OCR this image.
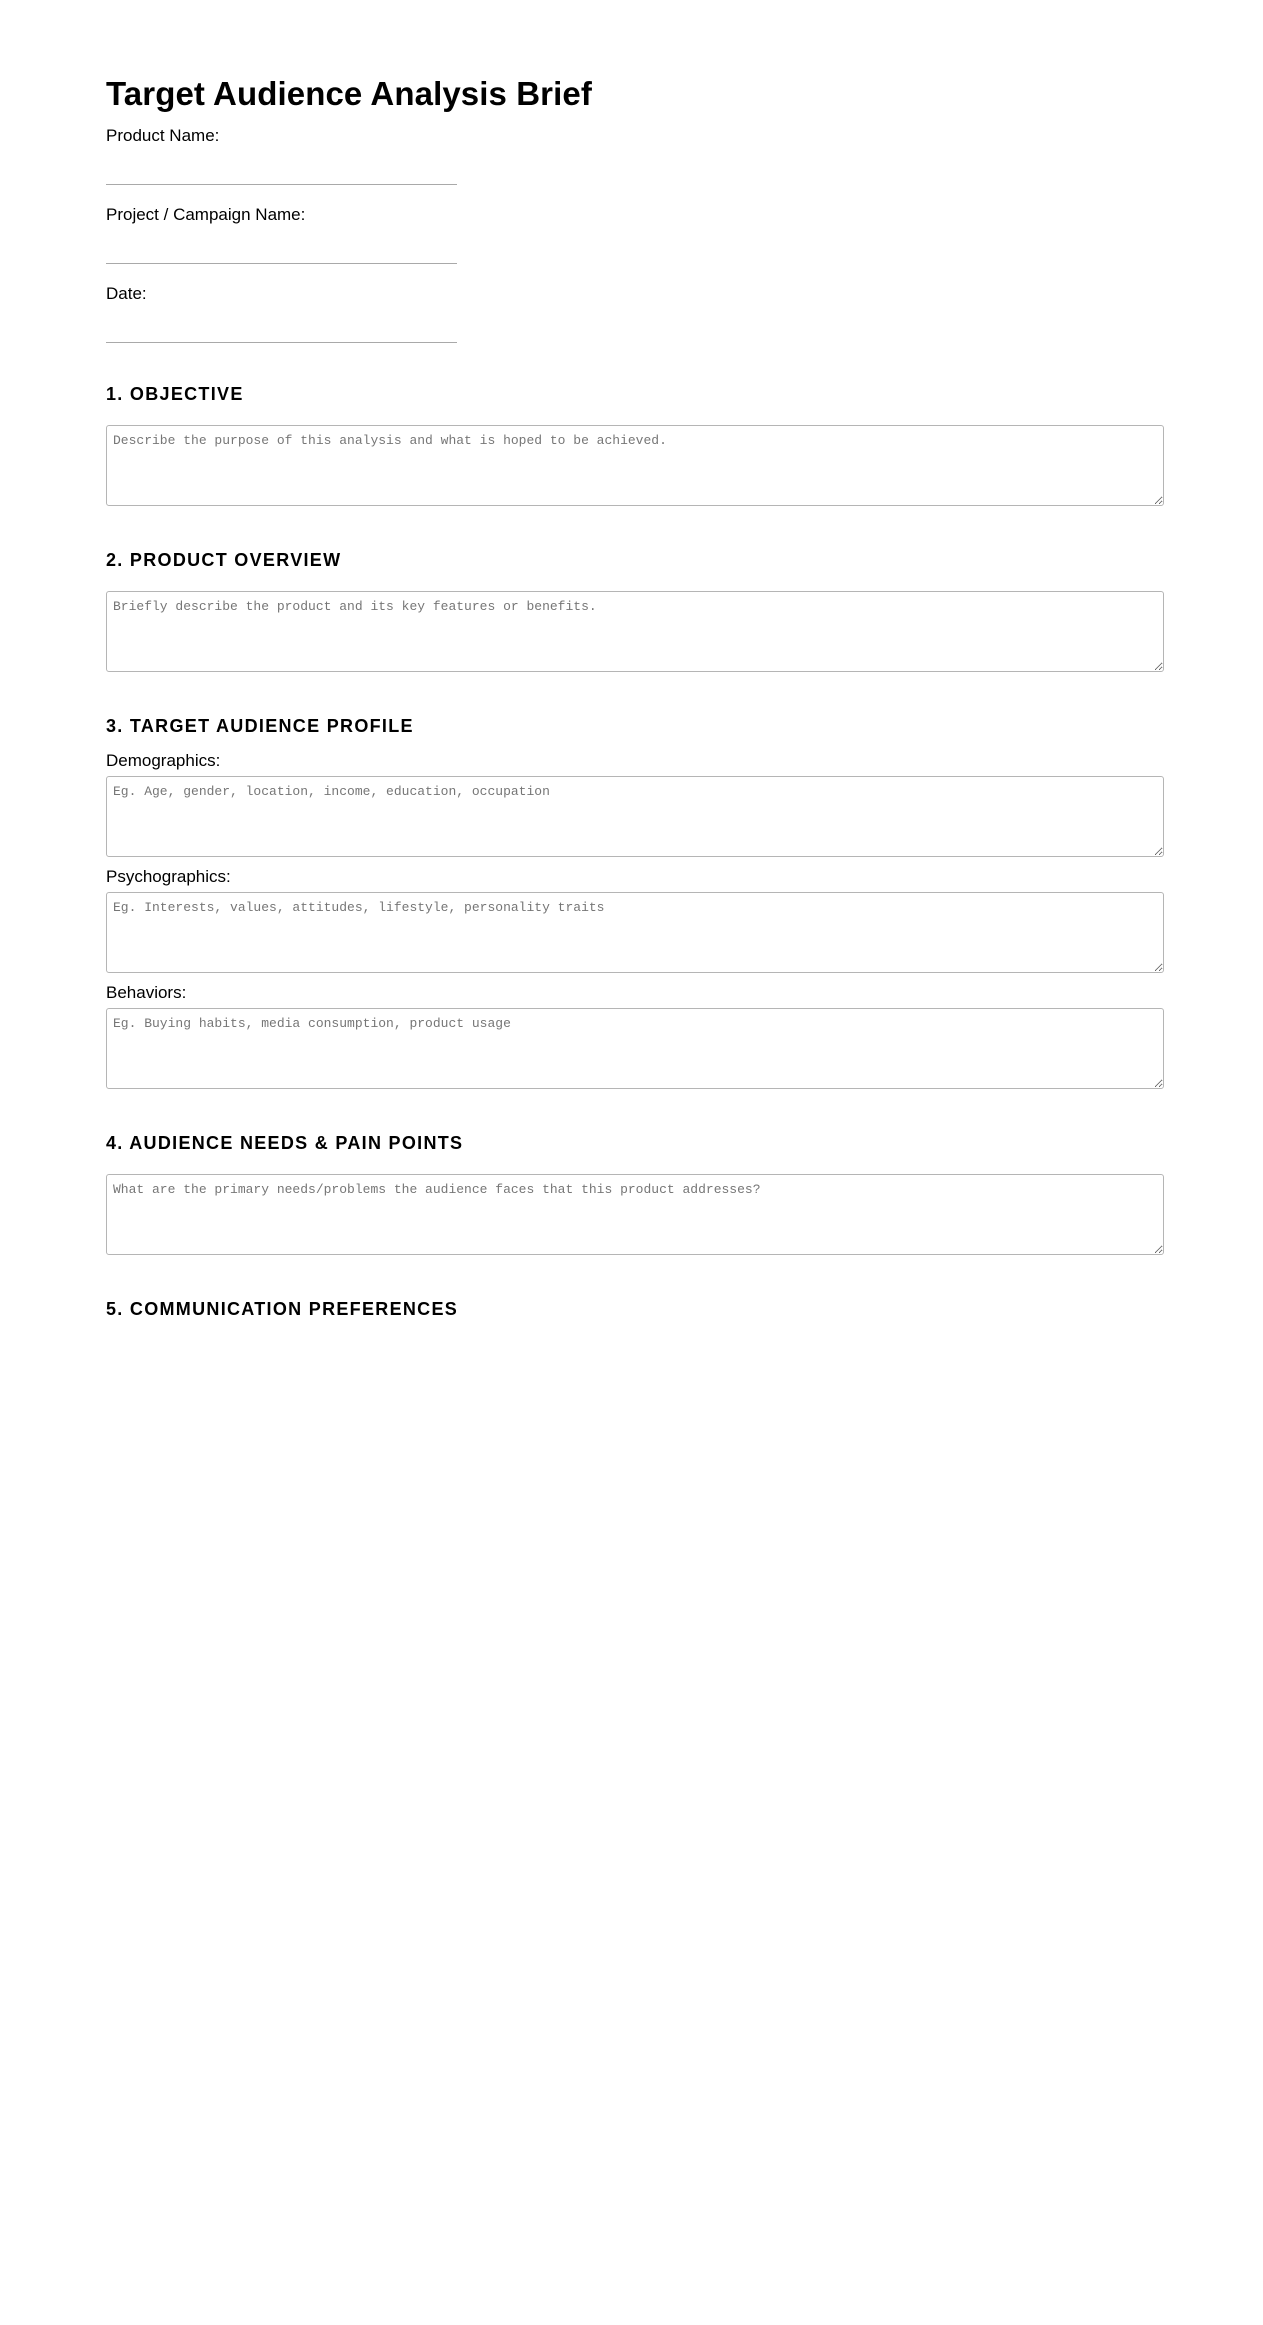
Target Audience Analysis Brief
Product Name:
Project / Campaign Name:
Date:
1. OBJECTIVE
Describe the purpose of this analysis and what is hoped to be achieved.
2. PRODUCT OVERVIEW
Briefly describe the product and its key features or benefits.
3. TARGET AUDIENCE PROFILE
Demographics:
Eg. Age, gender, location, income, education, occupation
Psychographics:
Eg. Interests, values, attitudes, lifestyle, personality traits
Behaviors:
Eg. Buying habits, media consumption, product usage
4. AUDIENCE NEEDS & PAIN POINTS
What are the primary needs/problems the audience faces that this product addresses?
5. COMMUNICATION PREFERENCES
